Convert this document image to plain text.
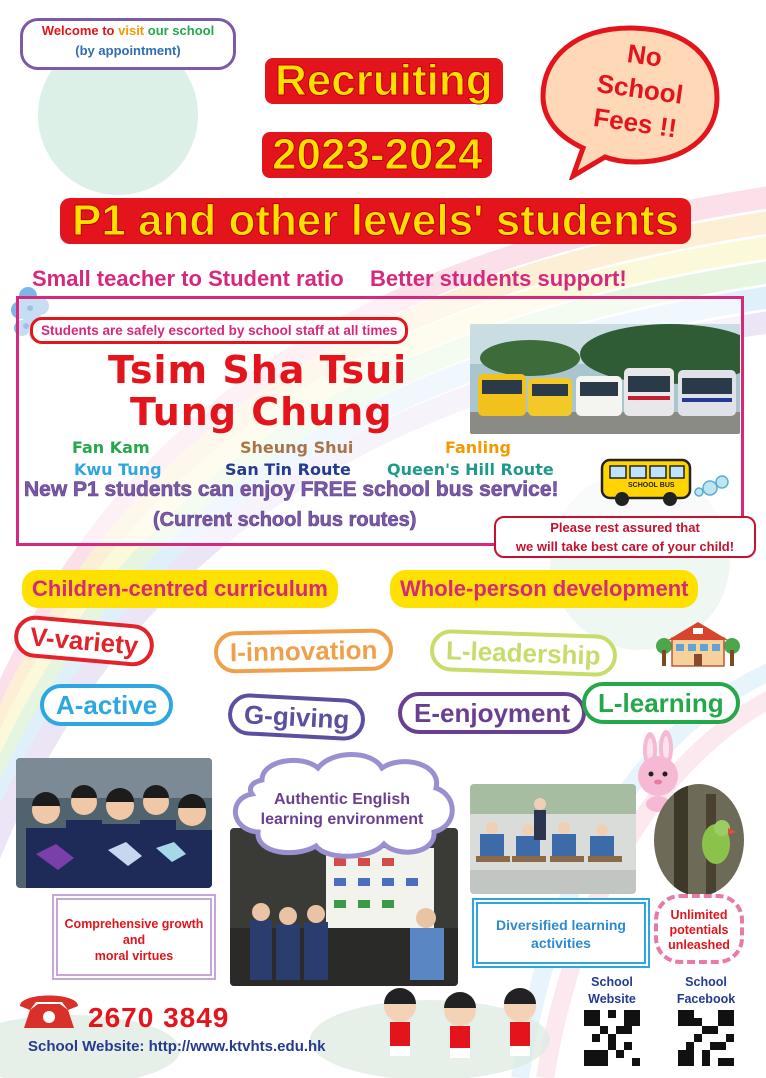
Welcome to visit our school
(by appointment)	No
School
Fees !!
Recruiting
2023-2024
P1 and other levels' students
Small teacher to Student ratio Better students support!
Students are safely escorted by school staff at all times
Tsim Sha Tsui
Tung Chung
Fan Kam	Sheung Shui	Fanling
Kwu Tung	San Tin Route Queen's Hill Route
SCHOOL BUS
New P1 students can enjoy FREE school bus service!
(Current school bus routes)	Please rest assured that
we will take best care of your child!
Children-centred curriculum	Whole-person development
V-variety	I-innovation	L-leadership
A-active	G-giving	E-enjoyment	L-learning
Comprehensive growth
and
moral virtues
Authentic English learning environment
Diversified learning activities
Unlimited
potentials
unleashed
2670 3849
School Website: http://www.ktvhts.edu.hk
School
Website
School
Facebook
